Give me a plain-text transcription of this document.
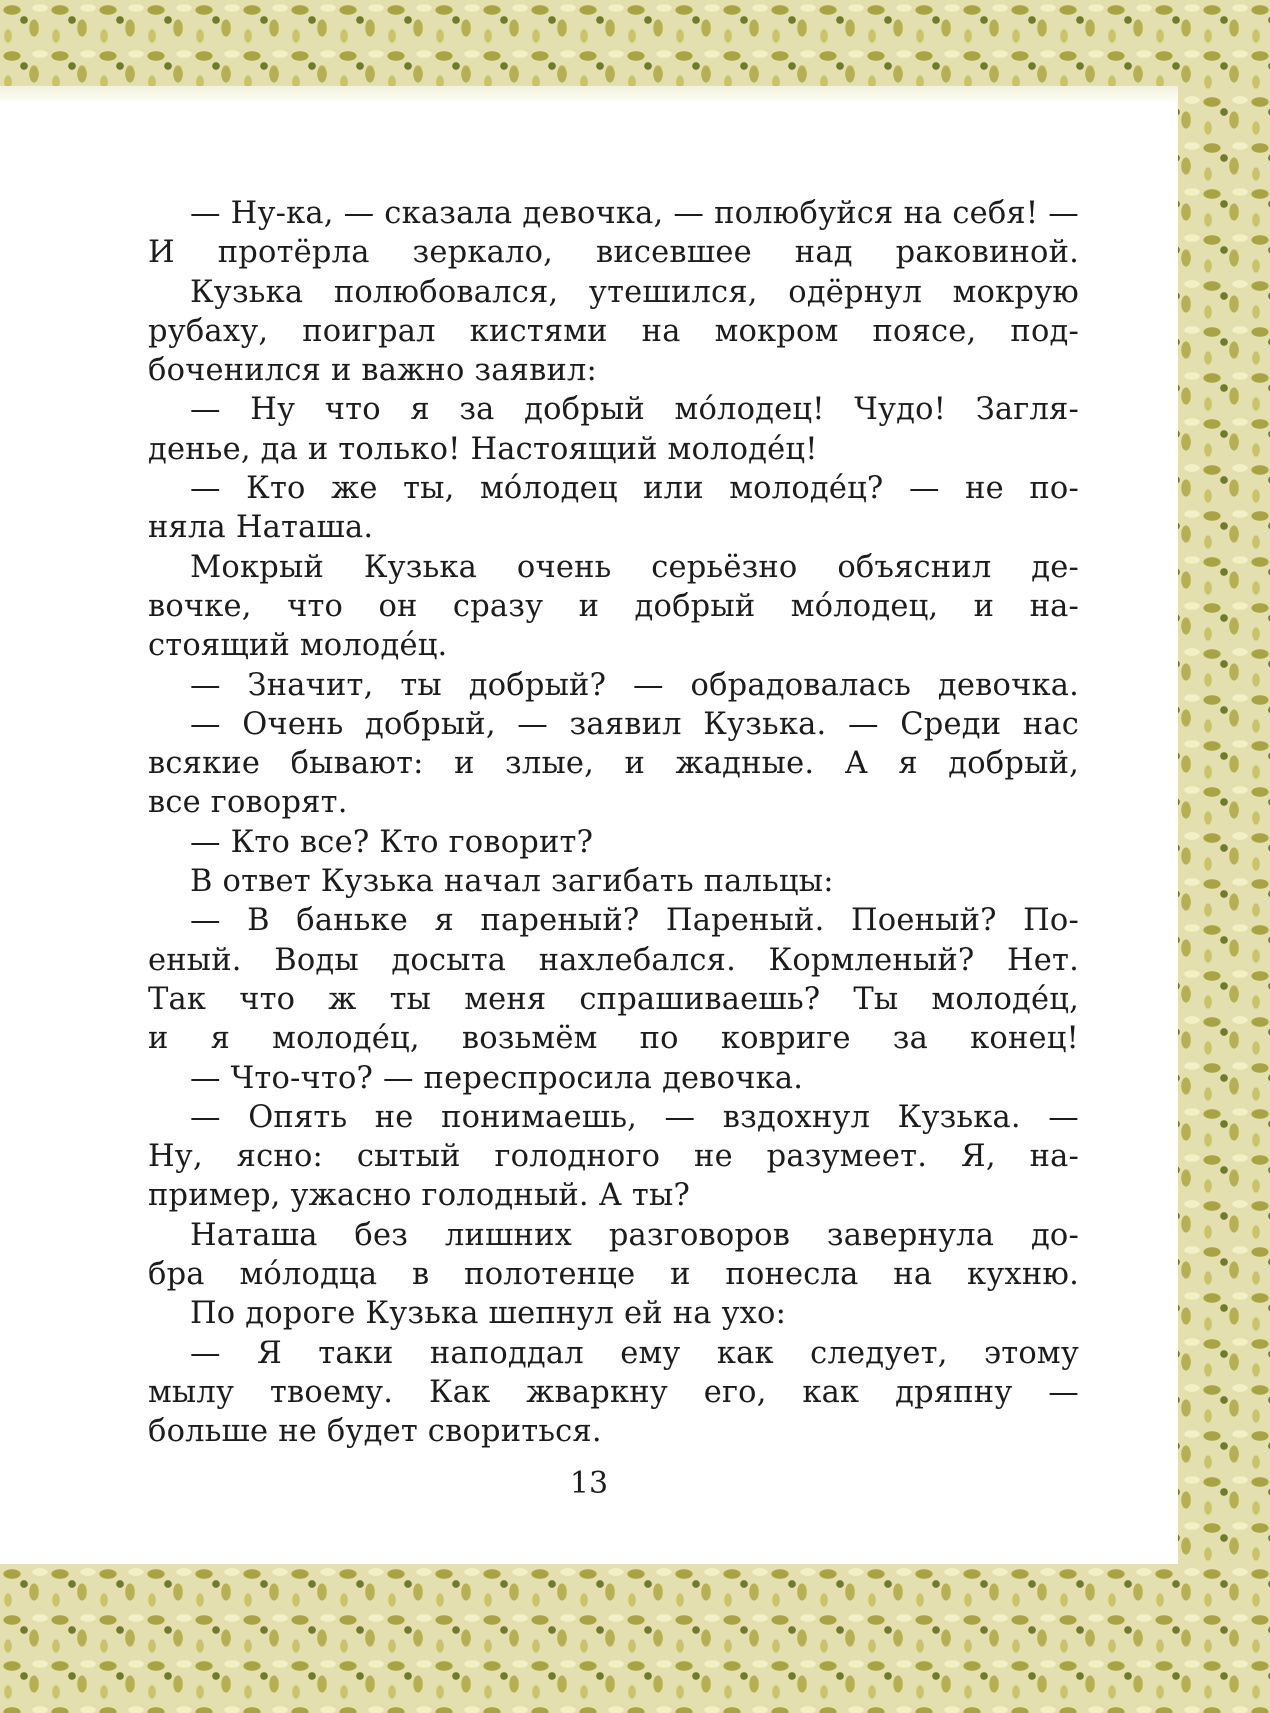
— Ну-ка, — сказала девочка, — полюбуйся на себя! —
И протёрла зеркало, висевшее над раковиной.
Кузька полюбовался, утешился, одёрнул мокрую
рубаху, поиграл кистями на мокром поясе, под-
боченился и важно заявил:
— Ну что я за добрый мо́лодец! Чудо! Загля-
денье, да и только! Настоящий молоде́ц!
— Кто же ты, мо́лодец или молоде́ц? — не по-
няла Наташа.
Мокрый Кузька очень серьёзно объяснил де-
вочке, что он сразу и добрый мо́лодец, и на-
стоящий молоде́ц.
— Значит, ты добрый? — обрадовалась девочка.
— Очень добрый, — заявил Кузька. — Среди нас
всякие бывают: и злые, и жадные. А я добрый,
все говорят.
— Кто все? Кто говорит?
В ответ Кузька начал загибать пальцы:
— В баньке я пареный? Пареный. Поеный? По-
еный. Воды досыта нахлебался. Кормленый? Нет.
Так что ж ты меня спрашиваешь? Ты молоде́ц,
и я молоде́ц, возьмём по ковриге за конец!
— Что-что? — переспросила девочка.
— Опять не понимаешь, — вздохнул Кузька. —
Ну, ясно: сытый голодного не разумеет. Я, на-
пример, ужасно голодный. А ты?
Наташа без лишних разговоров завернула до-
бра мо́лодца в полотенце и понесла на кухню.
По дороге Кузька шепнул ей на ухо:
— Я таки наподдал ему как следует, этому
мылу твоему. Как жваркну его, как дряпну —
больше не будет свориться.
13
